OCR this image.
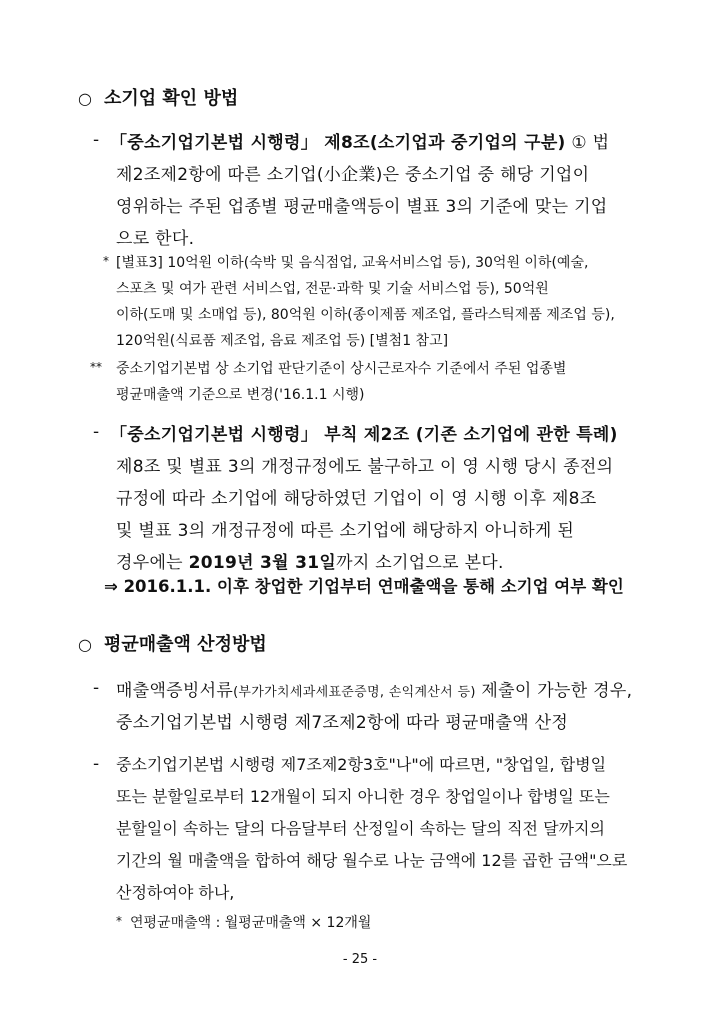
○ 소기업 확인 방법
- 「중소기업기본법 시행령」 제8조(소기업과 중기업의 구분) ① 법
제2조제2항에 따른 소기업(小企業)은 중소기업 중 해당 기업이
영위하는 주된 업종별 평균매출액등이 별표 3의 기준에 맞는 기업
으로 한다.
* [별표3] 10억원 이하(숙박 및 음식점업, 교육서비스업 등), 30억원 이하(예술,
스포츠 및 여가 관련 서비스업, 전문·과학 및 기술 서비스업 등), 50억원
이하(도매 및 소매업 등), 80억원 이하(종이제품 제조업, 플라스틱제품 제조업 등),
120억원(식료품 제조업, 음료 제조업 등) [별첨1 참고]
** 중소기업기본법 상 소기업 판단기준이 상시근로자수 기준에서 주된 업종별
평균매출액 기준으로 변경('16.1.1 시행)
- 「중소기업기본법 시행령」 부칙 제2조 (기존 소기업에 관한 특례)
제8조 및 별표 3의 개정규정에도 불구하고 이 영 시행 당시 종전의
규정에 따라 소기업에 해당하였던 기업이 이 영 시행 이후 제8조
및 별표 3의 개정규정에 따른 소기업에 해당하지 아니하게 된
경우에는 2019년 3월 31일까지 소기업으로 본다.
⇒ 2016.1.1. 이후 창업한 기업부터 연매출액을 통해 소기업 여부 확인
○ 평균매출액 산정방법
- 매출액증빙서류(부가가치세과세표준증명, 손익계산서 등) 제출이 가능한 경우,
중소기업기본법 시행령 제7조제2항에 따라 평균매출액 산정
- 중소기업기본법 시행령 제7조제2항3호"나"에 따르면, "창업일, 합병일
또는 분할일로부터 12개월이 되지 아니한 경우 창업일이나 합병일 또는
분할일이 속하는 달의 다음달부터 산정일이 속하는 달의 직전 달까지의
기간의 월 매출액을 합하여 해당 월수로 나눈 금액에 12를 곱한 금액"으로
산정하여야 하나,
* 연평균매출액 : 월평균매출액 × 12개월
- 25 -
